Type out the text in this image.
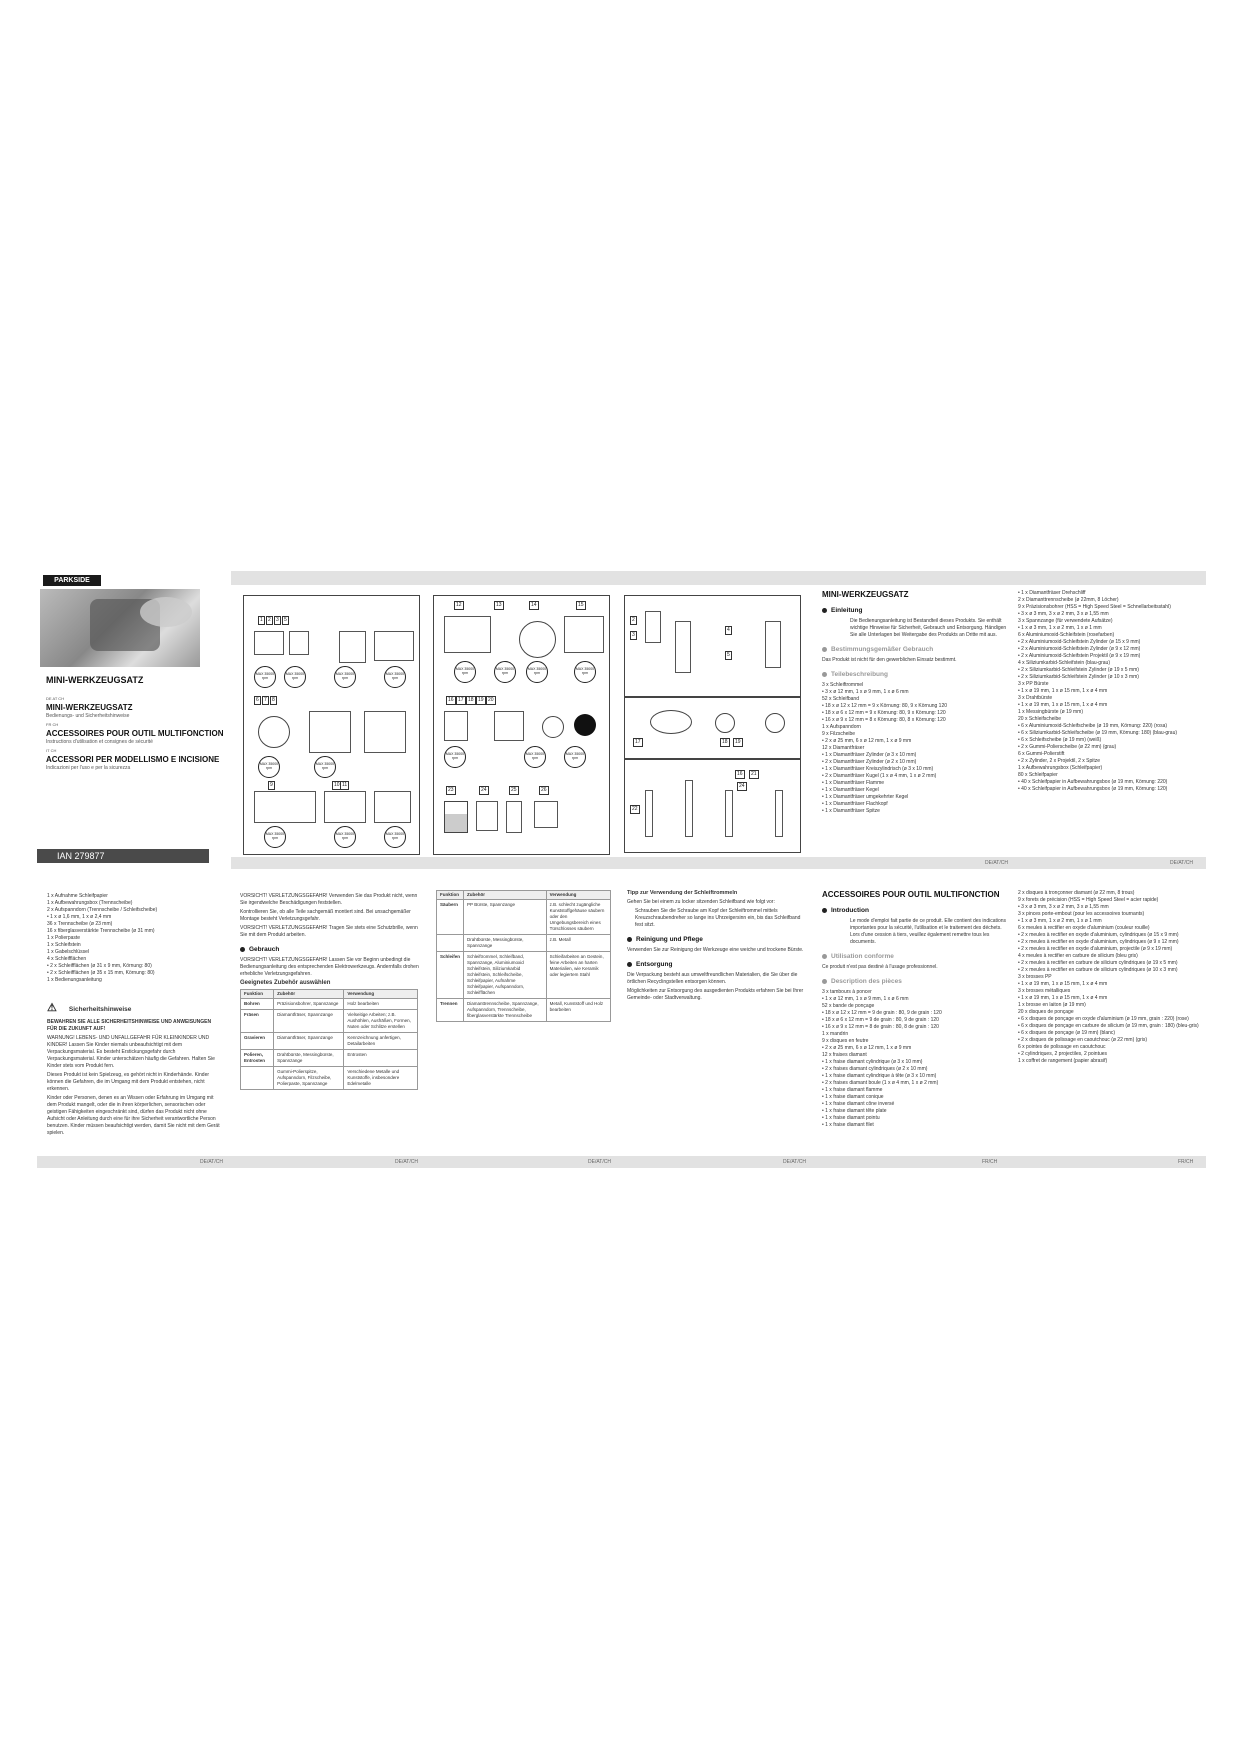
PARKSIDE
MINI-WERKZEUGSATZ
DE AT CH
MINI-WERKZEUGSATZ
Bedienungs- und Sicherheitshinweise
FR CH
ACCESSOIRES POUR OUTIL MULTIFONCTION
Instructions d'utilisation et consignes de sécurité
IT CH
ACCESSORI PER MODELLISMO E INCISIONE
Indicazioni per l'uso e per la sicurezza
IAN 279877
1	2	3	5
MAX 35000 rpm
MAX 35000 rpm
MAX 35000 rpm
MAX 35000 rpm
6	7	8
MAX 35000 rpm
MAX 35000 rpm
9	10 11
MAX 35000 rpm
MAX 35000 rpm
MAX 35000 rpm
12	13	14	15
MAX 35000 rpm
MAX 35000 rpm
MAX 35000 rpm
MAX 35000 rpm
16 17 18 19 20
MAX 35000 rpm
MAX 35000 rpm
MAX 35000 rpm
23	24	25	26
2
3
4
5
17	18	19
16	21
22
24
MINI-WERKZEUGSATZ
Einleitung

Die Bedienungsanleitung ist Bestandteil dieses Produkts. Sie enthält wichtige Hinweise für Sicherheit, Gebrauch und Entsorgung. Händigen Sie alle Unterlagen bei Weitergabe des Produkts an Dritte mit aus.

Bestimmungsgemäßer Gebrauch

Das Produkt ist nicht für den gewerblichen Einsatz bestimmt.

Teilebeschreibung
3 x Schleiftrommel
• 3 x ø 12 mm, 1 x ø 9 mm, 1 x ø 6 mm
52 x Schleifband
• 18 x ø 12 x 12 mm = 9 x Körnung: 80, 9 x Körnung 120
• 18 x ø 6 x 12 mm = 9 x Körnung: 80, 9 x Körnung: 120
• 16 x ø 9 x 12 mm = 8 x Körnung: 80, 8 x Körnung: 120
1 x Aufspanndorn
9 x Filzscheibe
• 2 x ø 25 mm, 6 x ø 12 mm, 1 x ø 9 mm
12 x Diamantfräser
• 1 x Diamantfräser Zylinder (ø 3 x 10 mm)
• 2 x Diamantfräser Zylinder (ø 2 x 10 mm)
• 1 x Diamantfräser Kreiszylindrisch (ø 3 x 10 mm)
• 2 x Diamantfräser Kugel (1 x ø 4 mm, 1 x ø 2 mm)
• 1 x Diamantfräser Flamme
• 1 x Diamantfräser Kegel
• 1 x Diamantfräser umgekehrter Kegel
• 1 x Diamantfräser Flachkopf
• 1 x Diamantfräser Spitze
• 1 x Diamantfräser Drehschliff
2 x Diamanttrennscheibe (ø 22mm, 8 Löcher)
9 x Präzisionsbohrer (HSS = High Speed Steel = Schnellarbeitsstahl)
• 3 x ø 3 mm, 3 x ø 2 mm, 3 x ø 1,55 mm
3 x Spannzange (für verwendete Aufsätze)
• 1 x ø 3 mm, 1 x ø 2 mm, 1 x ø 1 mm
6 x Aluminiumoxid-Schleifstein (rosefarben)
• 2 x Aluminiumoxid-Schleifstein Zylinder (ø 15 x 9 mm)
• 2 x Aluminiumoxid-Schleifstein Zylinder (ø 9 x 12 mm)
• 2 x Aluminiumoxid-Schleifstein Projektil (ø 9 x 19 mm)
4 x Siliziumkarbid-Schleifstein (blau-grau)
• 2 x Siliziumkarbid-Schleifstein Zylinder (ø 19 x 5 mm)
• 2 x Siliziumkarbid-Schleifstein Zylinder (ø 10 x 3 mm)
3 x PP Bürste
• 1 x ø 19 mm, 1 x ø 15 mm, 1 x ø 4 mm
3 x Drahtbürste
• 1 x ø 19 mm, 1 x ø 15 mm, 1 x ø 4 mm
1 x Messingbürste (ø 19 mm)
20 x Schleifscheibe
• 6 x Aluminiumoxid-Schleifscheibe (ø 19 mm, Körnung: 220) (rosa)
• 6 x Siliziumkarbid-Schleifscheibe (ø 19 mm, Körnung: 180) (blau-grau)
• 6 x Schleifscheibe (ø 19 mm) (weiß)
• 2 x Gummi-Polierscheibe (ø 22 mm) (grau)
6 x Gummi-Polierstift
• 2 x Zylinder, 2 x Projektil, 2 x Spitze
1 x Aufbewahrungsbox (Schleifpapier)
80 x Schleifpapier
• 40 x Schleifpapier in Aufbewahrungsbox (ø 19 mm, Körnung: 220)
• 40 x Schleifpapier in Aufbewahrungsbox (ø 19 mm, Körnung: 120)
DE/AT/CH	DE/AT/CH
1 x Aufnahme Schleifpapier
1 x Aufbewahrungsbox (Trennscheibe)
2 x Aufspanndorn (Trennscheibe / Schleifscheibe)
• 1 x ø 1,6 mm, 1 x ø 2,4 mm
36 x Trennscheibe (ø 23 mm)
16 x fiberglasverstärkte Trennscheibe (ø 31 mm)
1 x Polierpaste
1 x Schleifstein
1 x Gabelschlüssel
4 x Schleifflächen
• 2 x Schleifflächen (ø 31 x 9 mm, Körnung: 80)
• 2 x Schleifflächen (ø 35 x 15 mm, Körnung: 80)
1 x Bedienungsanleitung
⚠ Sicherheitshinweise

BEWAHREN SIE ALLE SICHERHEITSHINWEISE UND ANWEISUNGEN FÜR DIE ZUKUNFT AUF!

WARNUNG! LEBENS- UND UNFALLGEFAHR FÜR KLEINKINDER UND KINDER! Lassen Sie Kinder niemals unbeaufsichtigt mit dem Verpackungsmaterial. Es besteht Erstickungsgefahr durch Verpackungsmaterial. Kinder unterschätzen häufig die Gefahren. Halten Sie Kinder stets vom Produkt fern.

Dieses Produkt ist kein Spielzeug, es gehört nicht in Kinderhände. Kinder können die Gefahren, die im Umgang mit dem Produkt entstehen, nicht erkennen.

Kinder oder Personen, denen es an Wissen oder Erfahrung im Umgang mit dem Produkt mangelt, oder die in ihren körperlichen, sensorischen oder geistigen Fähigkeiten eingeschränkt sind, dürfen das Produkt nicht ohne Aufsicht oder Anleitung durch eine für ihre Sicherheit verantwortliche Person benutzen. Kinder müssen beaufsichtigt werden, damit Sie nicht mit dem Gerät spielen.

VORSICHT! VERLETZUNGSGEFAHR! Verwenden Sie das Produkt nicht, wenn Sie irgendwelche Beschädigungen feststellen.

Kontrollieren Sie, ob alle Teile sachgemäß montiert sind. Bei unsachgemäßer Montage besteht Verletzungsgefahr.

VORSICHT! VERLETZUNGSGEFAHR! Tragen Sie stets eine Schutzbrille, wenn Sie mit dem Produkt arbeiten.

Gebrauch

VORSICHT! VERLETZUNGSGEFAHR! Lassen Sie vor Beginn unbedingt die Bedienungsanleitung des entsprechenden Elektrowerkzeugs. Andernfalls drohen erhebliche Verletzungsgefahren.

Geeignetes Zubehör auswählen
Funktion	Zubehör	Verwendung
Bohren	Präzisionsbohrer, Spannzange	Holz bearbeiten
Fräsen	Diamantfräser, Spannzange	Vielseitige Arbeiten; z.B. Aushöhlen, Ausfräßen, Formen, Nuten oder Schlitze erstellen
Gravieren	Diamantfräser, Spannzange	Kennzeichnung anfertigen, Detailarbeiten
Polieren, Entrosten	Drahtbürste, Messingbürste, Spannzange	Entrosten
	Gummi-Polierspitze, Aufspanndorn, Filzscheibe, Polierpaste, Spannzange	Verschiedene Metalle und Kunststoffe, insbesondere Edelmetalle
Funktion	Zubehör	Verwendung
Säubern	PP Bürste, Spannzange	z.B. schlecht zugängliche Kunststoffgehäuse säubern oder den Umgebungsbereich eines Türschlosses säubern
	Drahtbürste, Messingbürste, Spannzange	z.B. Metall
Schleifen	Schleiftrommel, Schleifband, Spannzange, Aluminiumoxid Schleifstein, Siliziumkarbid Schleifstein, Schleifscheibe, Schleifpapier, Aufnahme Schleifpapier, Aufspanndorn, Schleifflächen	Schleifarbeiten an Gestein, feine Arbeiten an harten Materialien, wie Keramik oder legiertem Stahl
Trennen	Diamanttrennscheibe, Spannzange, Aufspanndorn, Trennscheibe, fiberglasverstärkte Trennscheibe	Metall, Kunststoff und Holz bearbeiten

Tipp zur Verwendung der Schleiftrommeln

Gehen Sie bei einem zu locker sitzenden Schleifband wie folgt vor:

Schrauben Sie die Schraube am Kopf der Schleiftrommel mittels Kreuzschraubendreher so lange ins Uhrzeigersinn ein, bis das Schleifband fest sitzt.

Reinigung und Pflege

Verwenden Sie zur Reinigung der Werkzeuge eine weiche und trockene Bürste.

Entsorgung

Die Verpackung besteht aus umweltfreundlichen Materialien, die Sie über die örtlichen Recyclingstellen entsorgen können.

Möglichkeiten zur Entsorgung des ausgedienten Produkts erfahren Sie bei Ihrer Gemeinde- oder Stadtverwaltung.

ACCESSOIRES POUR OUTIL MULTIFONCTION
Introduction

Le mode d'emploi fait partie de ce produit. Elle contient des indications importantes pour la sécurité, l'utilisation et le traitement des déchets. Lors d'une cession à tiers, veuillez également remettre tous les documents.

Utilisation conforme

Ce produit n'est pas destiné à l'usage professionnel.

Description des pièces
3 x tambours à poncer
• 1 x ø 12 mm, 1 x ø 9 mm, 1 x ø 6 mm
52 x bande de ponçage
• 18 x ø 12 x 12 mm = 9 de grain : 80, 9 de grain : 120
• 18 x ø 6 x 12 mm = 9 de grain : 80, 9 de grain : 120
• 16 x ø 9 x 12 mm = 8 de grain : 80, 8 de grain : 120
1 x mandrin
9 x disques en feutre
• 2 x ø 25 mm, 6 x ø 12 mm, 1 x ø 9 mm
12 x fraises diamant
• 1 x fraise diamant cylindrique (ø 3 x 10 mm)
• 2 x fraises diamant cylindriques (ø 2 x 10 mm)
• 1 x fraise diamant cylindrique à tête (ø 3 x 10 mm)
• 2 x fraises diamant boule (1 x ø 4 mm, 1 x ø 2 mm)
• 1 x fraise diamant flamme
• 1 x fraise diamant conique
• 1 x fraise diamant cône inversé
• 1 x fraise diamant tête plate
• 1 x fraise diamant pointu
• 1 x fraise diamant filet
2 x disques à tronçonner diamant (ø 22 mm, 8 trous)
9 x forets de précision (HSS = High Speed Steel = acier rapide)
• 3 x ø 3 mm, 3 x ø 2 mm, 3 x ø 1,55 mm
3 x pinces porte-embout (pour les accessoires tournants)
• 1 x ø 3 mm, 1 x ø 2 mm, 1 x ø 1 mm
6 x meules à rectifier en oxyde d'aluminium (couleur rouille)
• 2 x meules à rectifier en oxyde d'aluminium, cylindriques (ø 15 x 9 mm)
• 2 x meules à rectifier en oxyde d'aluminium, cylindriques (ø 9 x 12 mm)
• 2 x meules à rectifier en oxyde d'aluminium, projectile (ø 9 x 19 mm)
4 x meules à rectifier en carbure de silicium (bleu gris)
• 2 x meules à rectifier en carbure de silicium cylindriques (ø 19 x 5 mm)
• 2 x meules à rectifier en carbure de silicium cylindriques (ø 10 x 3 mm)
3 x brosses PP
• 1 x ø 19 mm, 1 x ø 15 mm, 1 x ø 4 mm
3 x brosses métalliques
• 1 x ø 19 mm, 1 x ø 15 mm, 1 x ø 4 mm
1 x brosse en laiton (ø 19 mm)
20 x disques de ponçage
• 6 x disques de ponçage en oxyde d'aluminium (ø 19 mm, grain : 220) (rose)
• 6 x disques de ponçage en carbure de silicium (ø 19 mm, grain : 180) (bleu-gris)
• 6 x disques de ponçage (ø 19 mm) (blanc)
• 2 x disques de polissage en caoutchouc (ø 22 mm) (gris)
6 x pointes de polissage en caoutchouc
• 2 cylindriques, 2 projectiles, 2 pointues
1 x coffret de rangement (papier abrasif)
DE/AT/CH	DE/AT/CH	DE/AT/CH	DE/AT/CH	FR/CH	FR/CH
